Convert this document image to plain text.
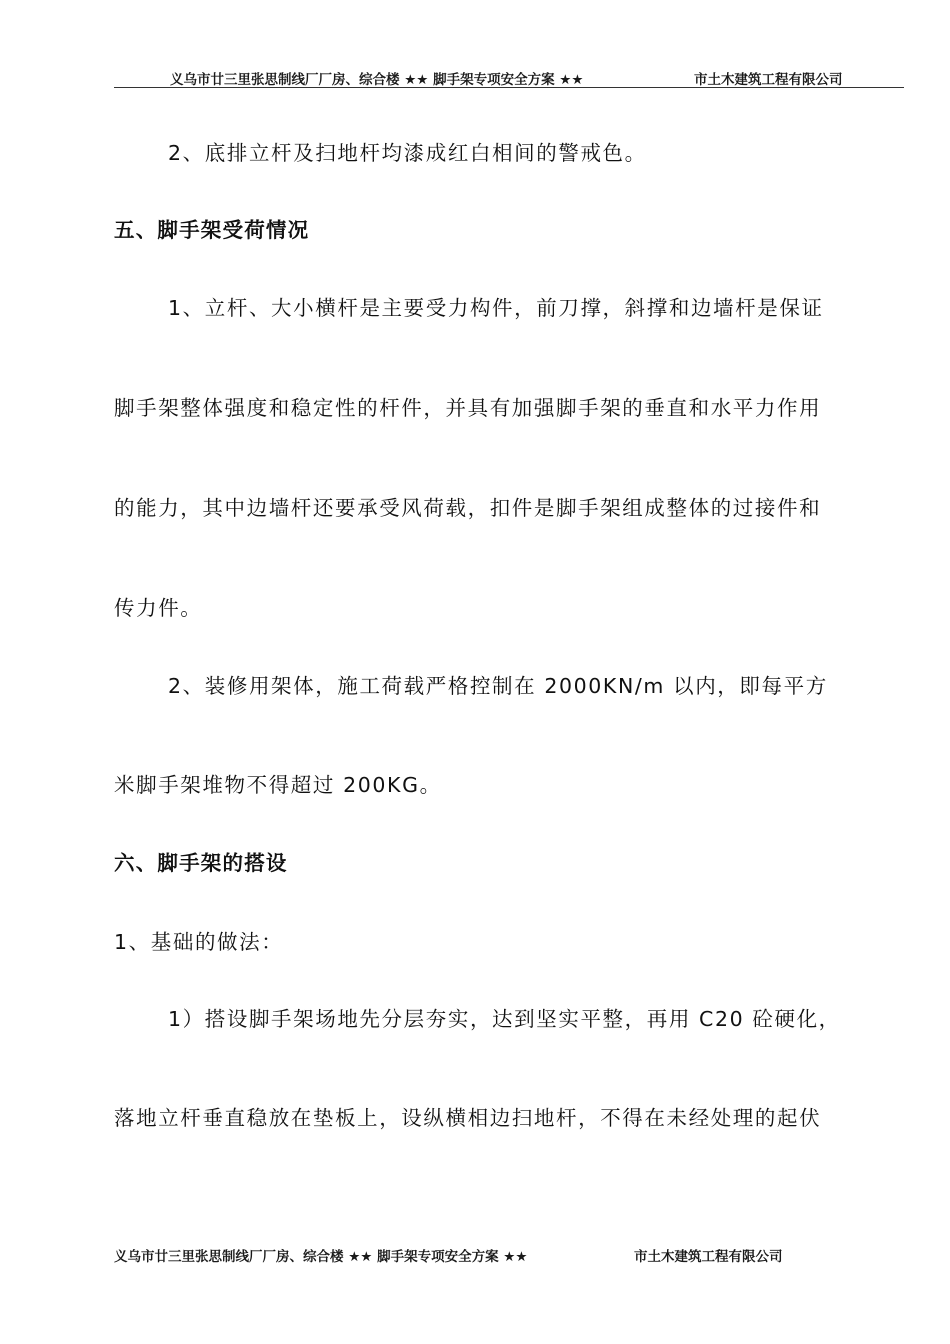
义乌市廿三里张思制线厂厂房、综合楼 ★★ 脚手架专项安全方案 ★★	市土木建筑工程有限公司
2、底排立杆及扫地杆均漆成红白相间的警戒色。
五、脚手架受荷情况
1、立杆、大小横杆是主要受力构件，前刀撑，斜撑和边墙杆是保证
脚手架整体强度和稳定性的杆件，并具有加强脚手架的垂直和水平力作用
的能力，其中边墙杆还要承受风荷载，扣件是脚手架组成整体的过接件和
传力件。
2、装修用架体，施工荷载严格控制在 2000KN/m 以内，即每平方
米脚手架堆物不得超过 200KG。
六、脚手架的搭设
1、基础的做法：
1）搭设脚手架场地先分层夯实，达到坚实平整，再用 C20 砼硬化，
落地立杆垂直稳放在垫板上，设纵横相边扫地杆，不得在未经处理的起伏
义乌市廿三里张思制线厂厂房、综合楼 ★★ 脚手架专项安全方案 ★★	市土木建筑工程有限公司
